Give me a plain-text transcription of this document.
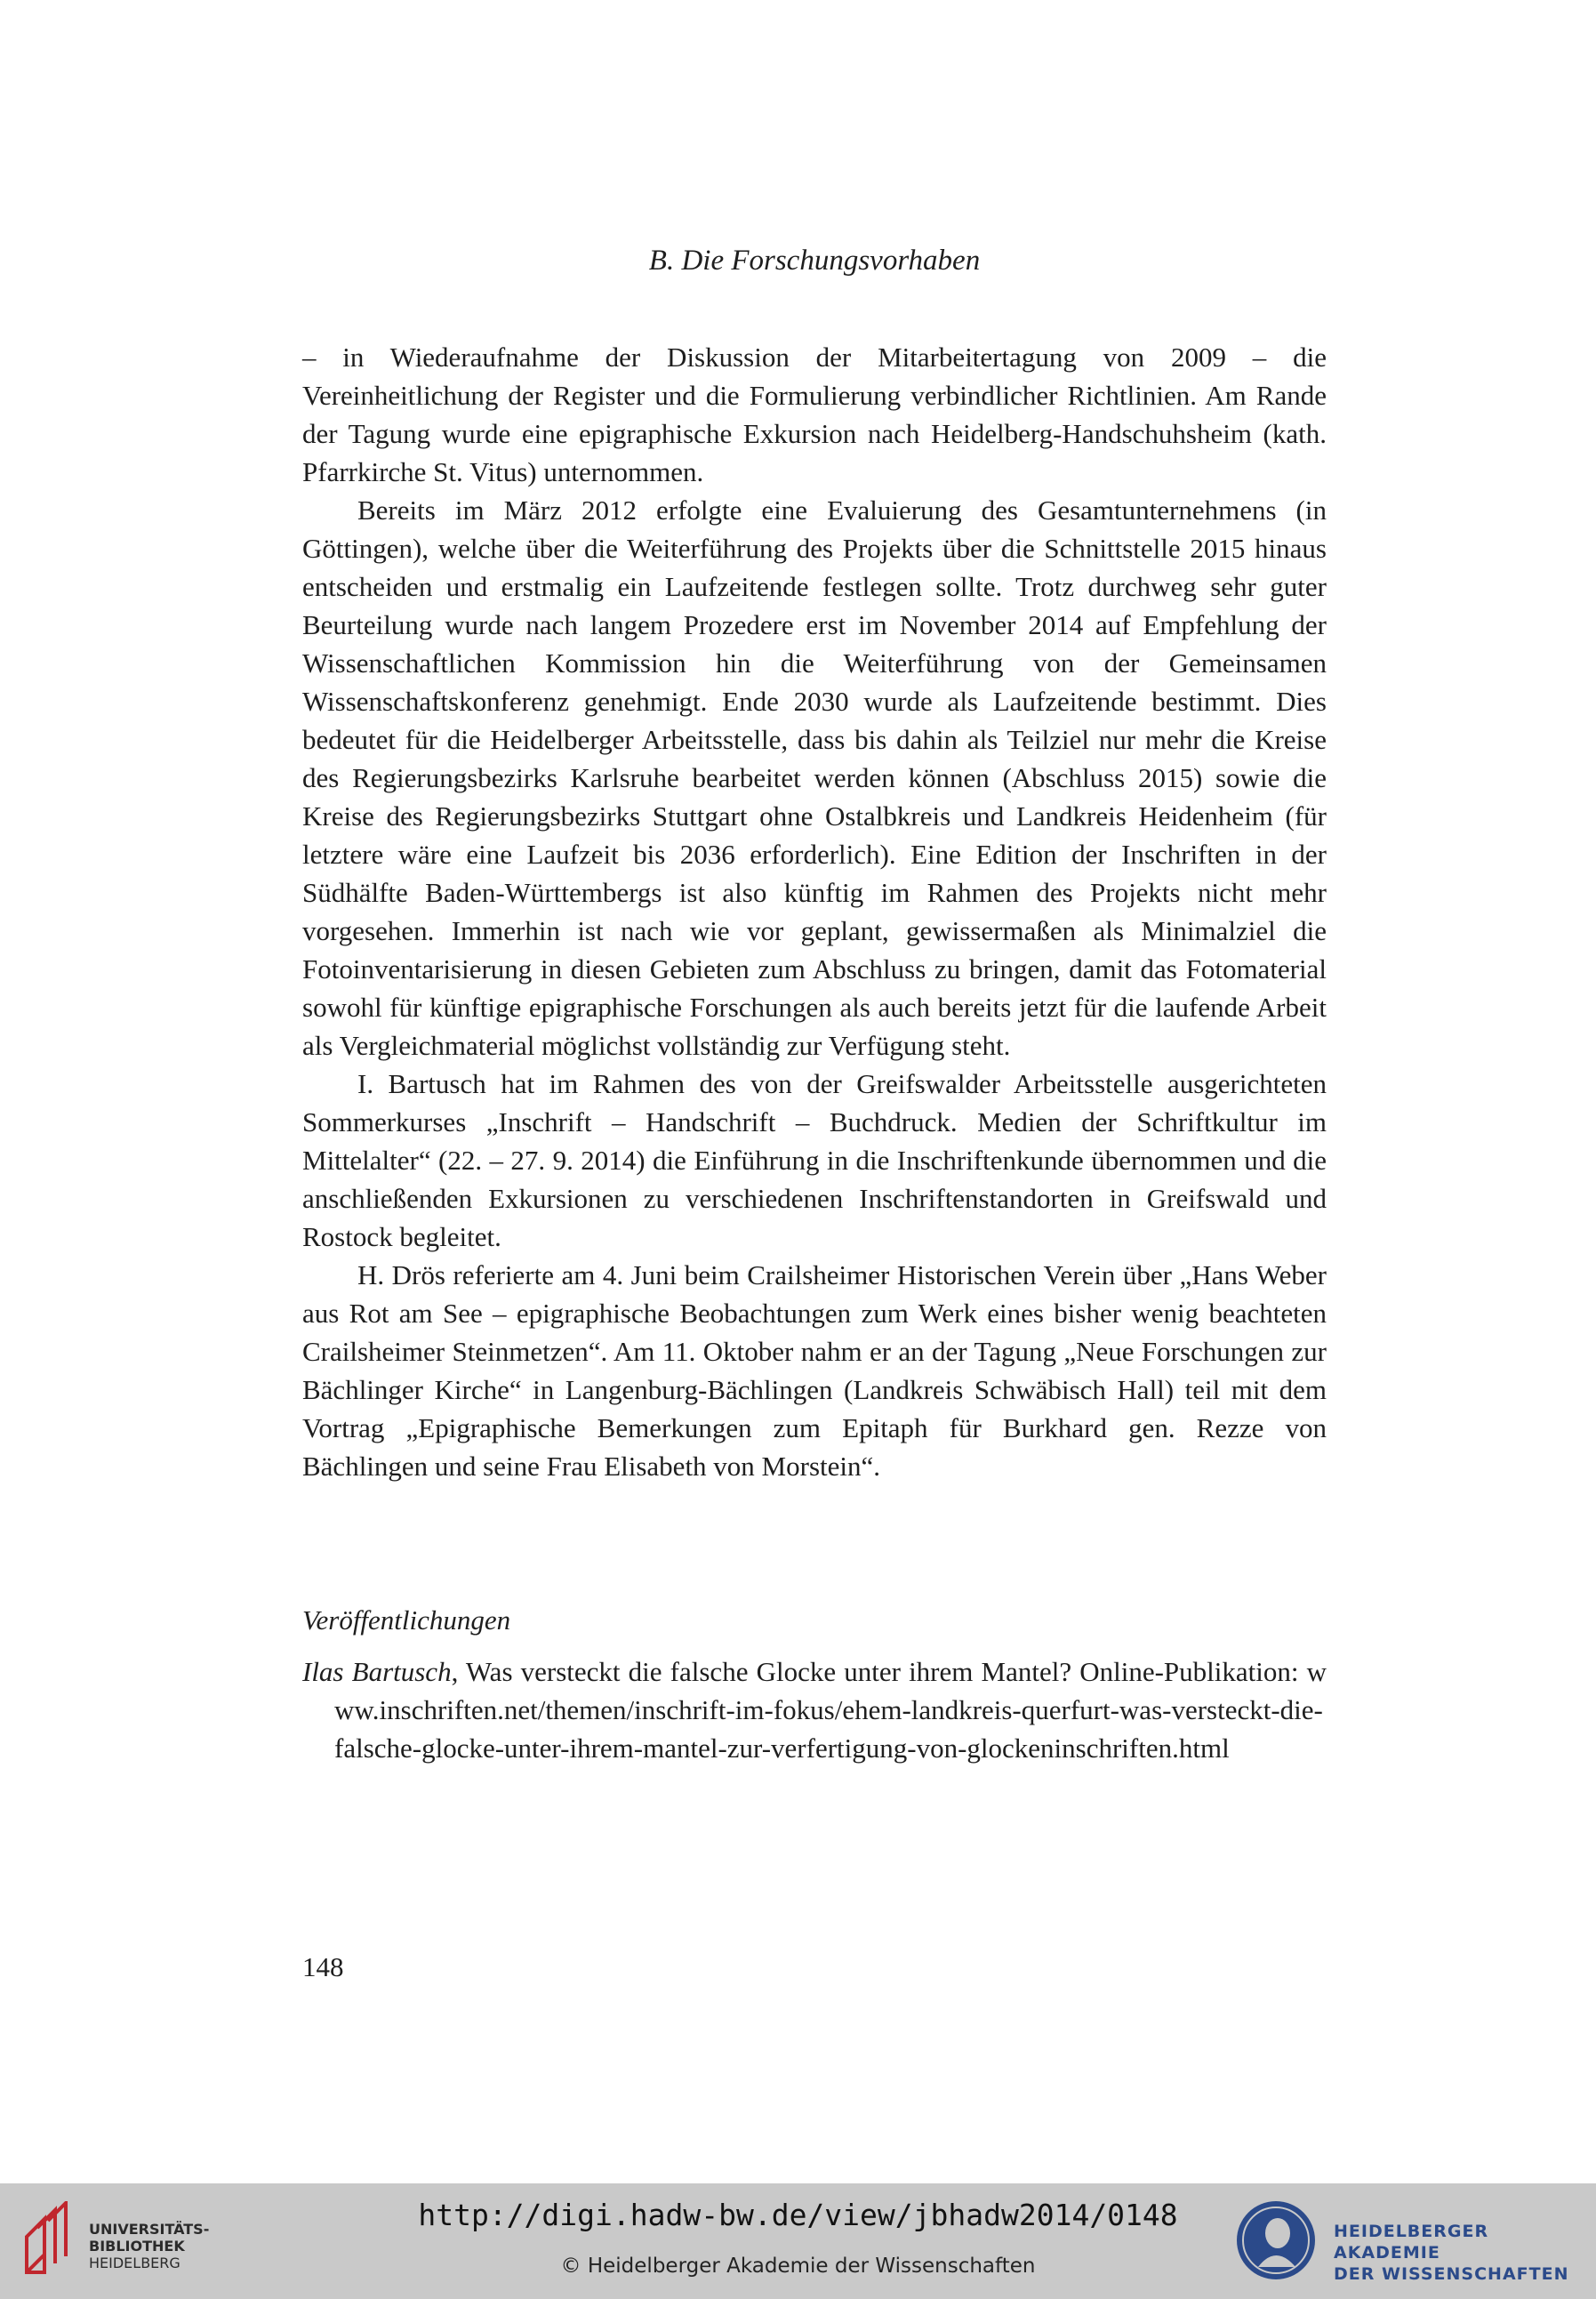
B. Die Forschungsvorhaben

– in Wiederaufnahme der Diskussion der Mitarbeitertagung von 2009 – die Vereinheitlichung der Register und die Formulierung verbindlicher Richtlinien. Am Rande der Tagung wurde eine epigraphische Exkursion nach Heidelberg-Handschuhsheim (kath. Pfarrkirche St. Vitus) unternommen.

Bereits im März 2012 erfolgte eine Evaluierung des Gesamtunternehmens (in Göttingen), welche über die Weiterführung des Projekts über die Schnittstelle 2015 hinaus entscheiden und erstmalig ein Laufzeitende festlegen sollte. Trotz durchweg sehr guter Beurteilung wurde nach langem Prozedere erst im November 2014 auf Empfehlung der Wissenschaftlichen Kommission hin die Weiterführung von der Gemeinsamen Wissenschaftskonferenz genehmigt. Ende 2030 wurde als Laufzeitende bestimmt. Dies bedeutet für die Heidelberger Arbeitsstelle, dass bis dahin als Teilziel nur mehr die Kreise des Regierungsbezirks Karlsruhe bearbeitet werden können (Abschluss 2015) sowie die Kreise des Regierungsbezirks Stuttgart ohne Ostalbkreis und Landkreis Heidenheim (für letztere wäre eine Laufzeit bis 2036 erforderlich). Eine Edition der Inschriften in der Südhälfte Baden-Württembergs ist also künftig im Rahmen des Projekts nicht mehr vorgesehen. Immerhin ist nach wie vor geplant, gewissermaßen als Minimalziel die Fotoinventarisierung in diesen Gebieten zum Abschluss zu bringen, damit das Fotomaterial sowohl für künftige epigraphische Forschungen als auch bereits jetzt für die laufende Arbeit als Vergleichmaterial möglichst vollständig zur Verfügung steht.

I. Bartusch hat im Rahmen des von der Greifswalder Arbeitsstelle ausgerichteten Sommerkurses „Inschrift – Handschrift – Buchdruck. Medien der Schriftkultur im Mittelalter“ (22. – 27. 9. 2014) die Einführung in die Inschriftenkunde übernommen und die anschließenden Exkursionen zu verschiedenen Inschriftenstandorten in Greifswald und Rostock begleitet.

H. Drös referierte am 4. Juni beim Crailsheimer Historischen Verein über „Hans Weber aus Rot am See – epigraphische Beobachtungen zum Werk eines bisher wenig beachteten Crailsheimer Steinmetzen“. Am 11. Oktober nahm er an der Tagung „Neue Forschungen zur Bächlinger Kirche“ in Langenburg-Bächlingen (Landkreis Schwäbisch Hall) teil mit dem Vortrag „Epigraphische Bemerkungen zum Epitaph für Burkhard gen. Rezze von Bächlingen und seine Frau Elisabeth von Morstein“.

Veröffentlichungen
Ilas Bartusch, Was versteckt die falsche Glocke unter ihrem Mantel? Online-Publikation: www.inschriften.net/themen/inschrift-im-fokus/ehem-landkreis-querfurt-was-versteckt-die-falsche-glocke-unter-ihrem-mantel-zur-verfertigung-von-glockeninschriften.html
148
UNIVERSITÄTS-
BIBLIOTHEK
HEIDELBERG
http://digi.hadw-bw.de/view/jbhadw2014/0148
© Heidelberger Akademie der Wissenschaften
HEIDELBERGER AKADEMIE
DER WISSENSCHAFTEN
